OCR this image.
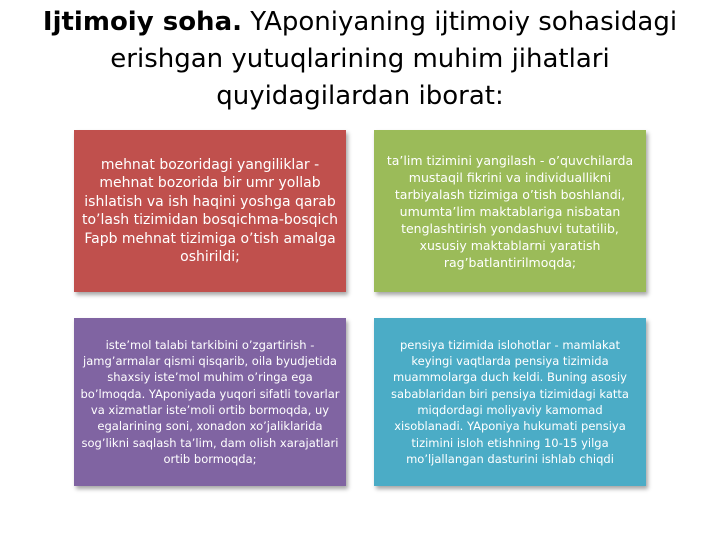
Ijtimoiy soha. YAponiyaning ijtimoiy sohasidagi erishgan yutuqlarining muhim jihatlari quyidagilardan iborat:
mehnat bozoridagi yangiliklar - mehnat bozorida bir umr yollab ishlatish va ish haqini yoshga qarab to’lash tizimidan bosqichma-bosqich Fapb mehnat tizimiga o’tish amalga oshirildi;
ta’lim tizimini yangilash - o’quvchilarda mustaqil fikrini va individuallikni tarbiyalash tizimiga o’tish boshlandi, umumta’lim maktablariga nisbatan tenglashtirish yondashuvi tutatilib, xususiy maktablarni yaratish rag’batlantirilmoqda;
iste’mol talabi tarkibini o’zgartirish - jamg’armalar qismi qisqarib, oila byudjetida shaxsiy iste’mol muhim o’ringa ega bo’lmoqda. YAponiyada yuqori sifatli tovarlar va xizmatlar iste’moli ortib bormoqda, uy egalarining soni, xonadon xo’jaliklarida sog’likni saqlash ta’lim, dam olish xarajatlari ortib bormoqda;
pensiya tizimida islohotlar - mamlakat keyingi vaqtlarda pensiya tizimida muammolarga duch keldi. Buning asosiy sabablaridan biri pensiya tizimidagi katta miqdordagi moliyaviy kamomad xisoblanadi. YAponiya hukumati pensiya tizimini isloh etishning 10-15 yilga mo’ljallangan dasturini ishlab chiqdi
